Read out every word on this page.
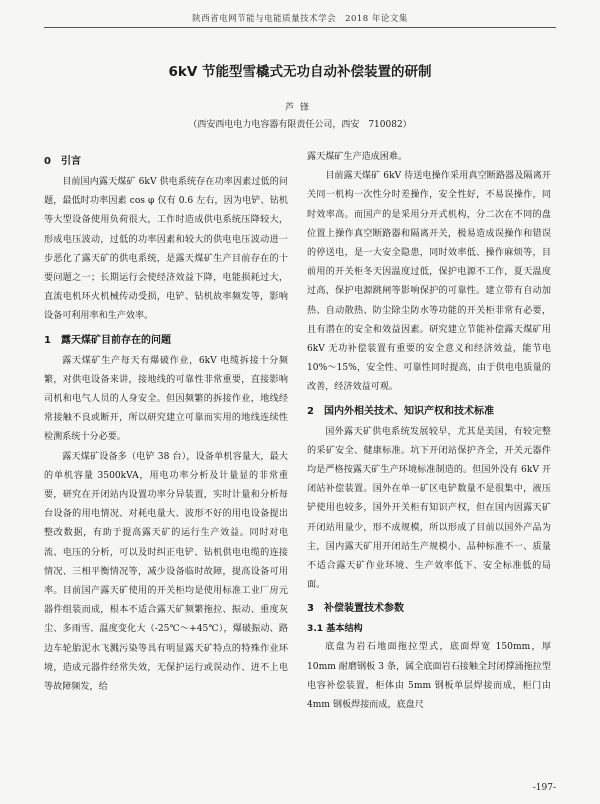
陕西省电网节能与电能质量技术学会　2018 年论文集
6kV 节能型雪橇式无功自动补偿装置的研制
芦锋
（西安西电电力电容器有限责任公司，西安　710082）
0　引言

目前国内露天煤矿 6kV 供电系统存在功率因素过低的问题，最低时功率因素 cos φ 仅有 0.6 左右，因为电铲、钻机等大型设备使用负荷很大，工作时造成供电系统压降较大，形成电压波动，过低的功率因素和较大的供电电压波动进一步恶化了露天矿的供电系统，是露天煤矿生产目前存在的十要问题之一；长期运行会使经济效益下降，电能损耗过大，直流电机环火机械传动受损，电铲、钻机故率频发等，影响设备可利用率和生产效率。

1　露天煤矿目前存在的问题

露天煤矿生产每天有爆破作业，6kV 电缆拆接十分频繁，对供电设备来讲，接地线的可靠性非常重要，直接影响司机和电气人员的人身安全。但因频繁的拆接作业，地线经常接触不良或断开，所以研究建立可靠而实用的地线连续性检测系统十分必要。

露天煤矿设备多（电铲 38 台），设备单机容量大，最大的单机容量 3500kVA，用电功率分析及计量显的非常重要，研究在开闭站内设置功率分异装置，实时计量和分析每台设备的用电情况、对耗电量大、波形不好的用电设备提出整改数据，有助于提高露天矿的运行生产效益。同时对电流、电压的分析，可以及时纠正电铲、钻机供电电缆的连接情况、三相平衡情况等，减少设备临时故障，提高设备可用率。目前国产露天矿使用的开关柜均是使用标准工业厂房元器件组装而成，根本不适合露天矿频繁拖拉、振动、重度灰尘、多雨雪、温度变化大（-25℃～+45℃），爆破振动、路边车轮胎泥水飞溅污染等具有明显露天矿特点的特殊作业环境，造成元器件经常失效，无保护运行或误动作、迸不上电等故障频发，给

露天煤矿生产造成困难。

目前露天煤矿 6kV 待送电操作采用真空断路器及隔离开关同一机构一次性分时差操作，安全性好，不易误操作，同时效率高。而国产的是采用分开式机构，分二次在不同的盘位置上操作真空断路器和隔离开关，极易造成误操作和错误的停送电，是一大安全隐患，同时效率低、操作麻烦等，目前用的开关柜冬天因温度过低，保护电源不工作，夏天温度过高，保护电源跳闸等影响保护的可靠性。建立带有自动加热、自动散热、防尘除尘防水等功能的开关柜非常有必要，且有潜在的安全和效益因素。研究建立节能补偿露天煤矿用 6kV 无功补偿装置有重要的安全意义和经济效益，能节电 10%～15%，安全性、可靠性同时提高，由于供电电质量的改善，经济效益可观。

2　国内外相关技术、知识产权和技术标准

国外露天矿供电系统发展较早，尤其是美国，有较完整的采矿安全、健康标准。坑下开闭站保护齐全，开关元器件均是严格按露天矿生产环境标准制造的。但国外没有 6kV 开闭站补偿装置。国外在单一矿区电铲数量不是很集中，液压铲使用也较多，国外开关柜有知识产权，但在国内因露天矿开闭站用量少，形不成规模，所以形成了目前以国外产品为主，国内露天矿用开闭站生产规模小、品种标准不一、质量不适合露天矿作业环境、生产效率低下、安全标准低的局面。

3　补偿装置技术参数
3.1 基本结构

底盘为岩石地面拖拉型式，底面焊宽 150mm，厚 10mm 耐磨钢板 3 条，属全底面岩石接触全封闭撑涌拖拉型电容补偿装置，柜体由 5mm 钢板单层焊接而成，柜门由 4mm 钢板焊接而成，底盘尺

-197-
